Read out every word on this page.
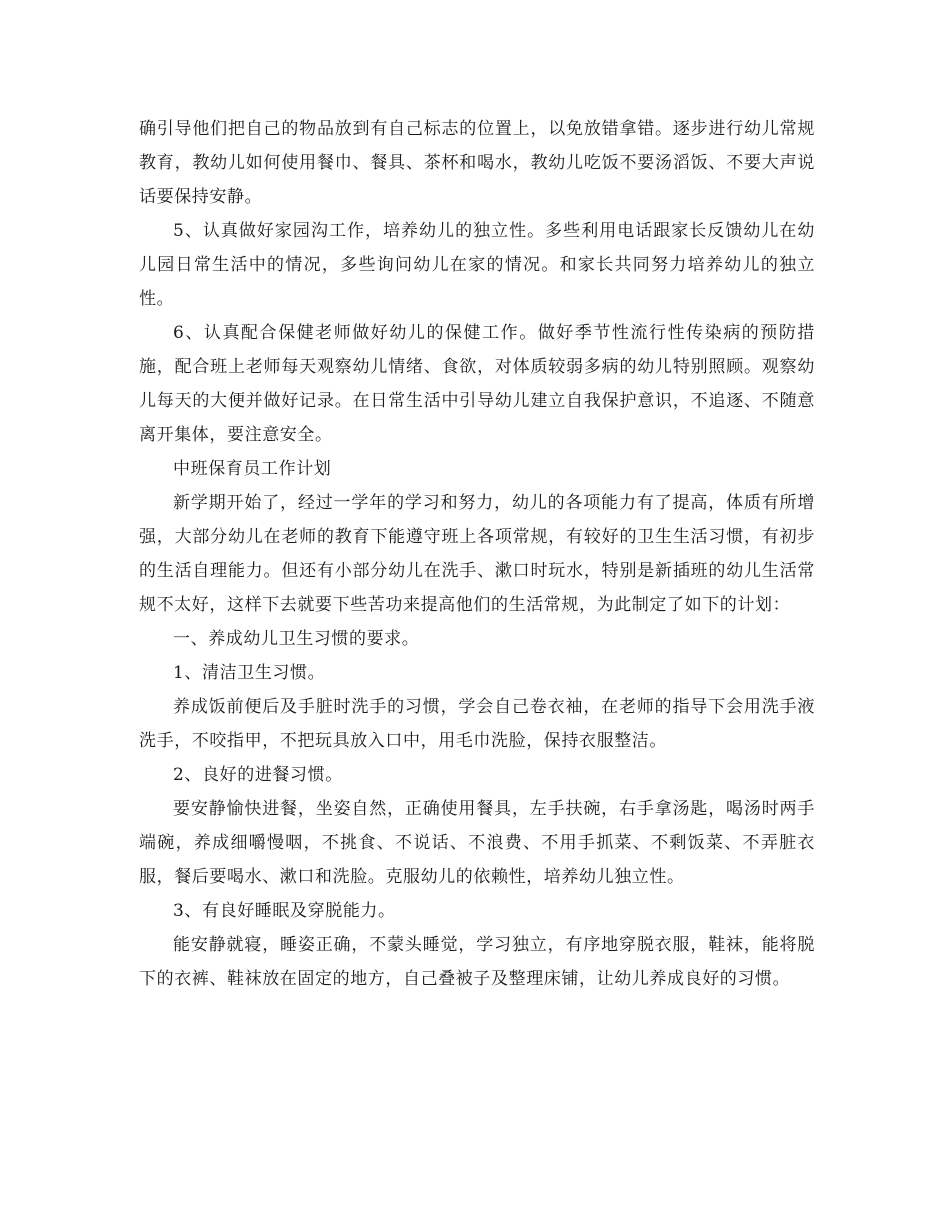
确引导他们把自己的物品放到有自己标志的位置上，以免放错拿错。逐步进行幼儿常规教育，教幼儿如何使用餐巾、餐具、茶杯和喝水，教幼儿吃饭不要汤滔饭、不要大声说话要保持安静。

5、认真做好家园沟工作，培养幼儿的独立性。多些利用电话跟家长反馈幼儿在幼儿园日常生活中的情况，多些询问幼儿在家的情况。和家长共同努力培养幼儿的独立性。

6、认真配合保健老师做好幼儿的保健工作。做好季节性流行性传染病的预防措施，配合班上老师每天观察幼儿情绪、食欲，对体质较弱多病的幼儿特别照顾。观察幼儿每天的大便并做好记录。在日常生活中引导幼儿建立自我保护意识，不追逐、不随意离开集体，要注意安全。

中班保育员工作计划

新学期开始了，经过一学年的学习和努力，幼儿的各项能力有了提高，体质有所增强，大部分幼儿在老师的教育下能遵守班上各项常规，有较好的卫生生活习惯，有初步的生活自理能力。但还有小部分幼儿在洗手、漱口时玩水，特别是新插班的幼儿生活常规不太好，这样下去就要下些苦功来提高他们的生活常规，为此制定了如下的计划：

一、养成幼儿卫生习惯的要求。

1、清洁卫生习惯。

养成饭前便后及手脏时洗手的习惯，学会自己卷衣袖，在老师的指导下会用洗手液洗手，不咬指甲，不把玩具放入口中，用毛巾洗脸，保持衣服整洁。

2、良好的进餐习惯。

要安静愉快进餐，坐姿自然，正确使用餐具，左手扶碗，右手拿汤匙，喝汤时两手端碗，养成细嚼慢咽，不挑食、不说话、不浪费、不用手抓菜、不剩饭菜、不弄脏衣服，餐后要喝水、漱口和洗脸。克服幼儿的依赖性，培养幼儿独立性。

3、有良好睡眠及穿脱能力。

能安静就寝，睡姿正确，不蒙头睡觉，学习独立，有序地穿脱衣服，鞋袜，能将脱下的衣裤、鞋袜放在固定的地方，自己叠被子及整理床铺，让幼儿养成良好的习惯。
